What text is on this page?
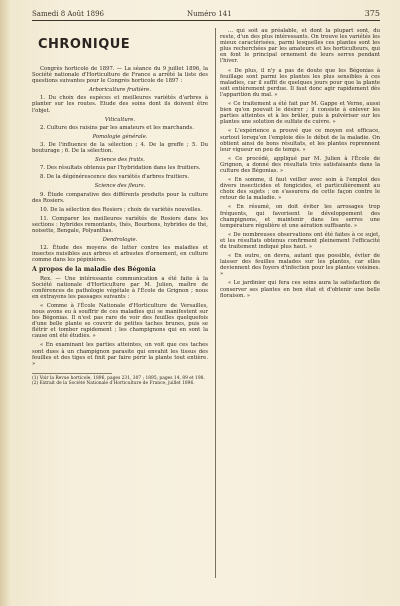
Samedi 8 Août 1896	Numéro 141	375
CHRONIQUE
Congrès horticole de 1897. — La séance du 9 juillet 1896, la Société nationale d'Horticulture de France a arrêté la liste des questions suivantes pour le Congrès horticole de 1897 :
Arboriculture fruitière.
1. Du choix des espèces et meilleures variétés d'arbres à planter sur les routes. Etude des soins dont ils doivent être l'objet.
Viticulture.
2. Culture des raisins par les amateurs et les marchands.
Pomologie générale.
3. De l'influence de la sélection ; 4. De la greffe ; 5. Du bouturage ; 6. De la sélection.
Science des fruits.
7. Des résultats obtenus par l'hybridation dans les fruitiers.
8. De la dégénérescence des variétés d'arbres fruitiers.
Science des fleurs.
9. Étude comparative des différents produits pour la culture des Rosiers.
10. De la sélection des Rosiers ; choix de variétés nouvelles.
11. Comparer les meilleures variétés de Rosiers dans les sections : hybrides remontants, thés, Bourbons, hybrides de thé, noisette, Bengale, Polyanthas.
Dendrologie.
12. Étude des moyens de lutter contre les maladies et insectes nuisibles aux arbres et arbustes d'ornement, en culture comme dans les pépinières.
A propos de la maladie des Bégonia
Rex. — Une intéressante communication a été faite à la Société nationale d'Horticulture par M. Julien, maître de conférences de pathologie végétale à l'École de Grignon ; nous en extrayons les passages suivants :
« Comme à l'École Nationale d'Horticulture de Versailles, nous avons eu à souffrir de ces maladies qui se manifestent sur les Bégonias. Il n'est pas rare de voir des feuilles quelquefois d'une belle plante se couvrir de petites taches brunes, puis se flétrir et tomber rapidement ; les champignons qui en sont la cause ont été étudiés. »
« En examinant les parties atteintes, on voit que ces taches sont dues à un champignon parasite qui envahit les tissus des feuilles et des tiges et finit par faire périr la plante tout entière. »
(1) Voir la Revue horticole, 1896, pages 231, 307 ; 1895, pages 14, 89 et 198.
(2) Extrait de la Société Nationale d'Horticulture de France, juillet 1896.
... qui soit au préalable, et dont la plupart sont, du reste, d'un des plus intéressants. On trouve les variétés les mieux caractérisées, parmi lesquelles ces plantes sont les plus recherchées par les amateurs et les horticulteurs, qui en font le principal ornement de leurs serres pendant l'hiver.
« De plus, il n'y a pas de doute que les Bégonias à feuillage sont parmi les plantes les plus sensibles à ces maladies, car il suffit de quelques jours pour que la plante soit entièrement perdue. Il faut donc agir rapidement dès l'apparition du mal. »
« Ce traitement a été fait par M. Gappe et Verne, aussi bien qu'on pouvait le désirer ; il consiste à enlever les parties atteintes et à les brûler, puis à pulvériser sur les plantes une solution de sulfate de cuivre. »
« L'expérience a prouvé que ce moyen est efficace, surtout lorsqu'on l'emploie dès le début de la maladie. On obtient ainsi de bons résultats, et les plantes reprennent leur vigueur en peu de temps. »
« Ce procédé, appliqué par M. Julien à l'École de Grignon, a donné des résultats très satisfaisants dans la culture des Bégonias. »
« En somme, il faut veiller avec soin à l'emploi des divers insecticides et fongicides, et particulièrement au choix des sujets ; on s'assurera de cette façon contre le retour de la maladie. »
« En résumé, on doit éviter les arrosages trop fréquents, qui favorisent le développement des champignons, et maintenir dans les serres une température régulière et une aération suffisante. »
« De nombreuses observations ont été faites à ce sujet, et les résultats obtenus confirment pleinement l'efficacité du traitement indiqué plus haut. »
« En outre, on devra, autant que possible, éviter de laisser des feuilles malades sur les plantes, car elles deviennent des foyers d'infection pour les plantes voisines. »
« Le jardinier qui fera ces soins aura la satisfaction de conserver ses plantes en bon état et d'obtenir une belle floraison. »
